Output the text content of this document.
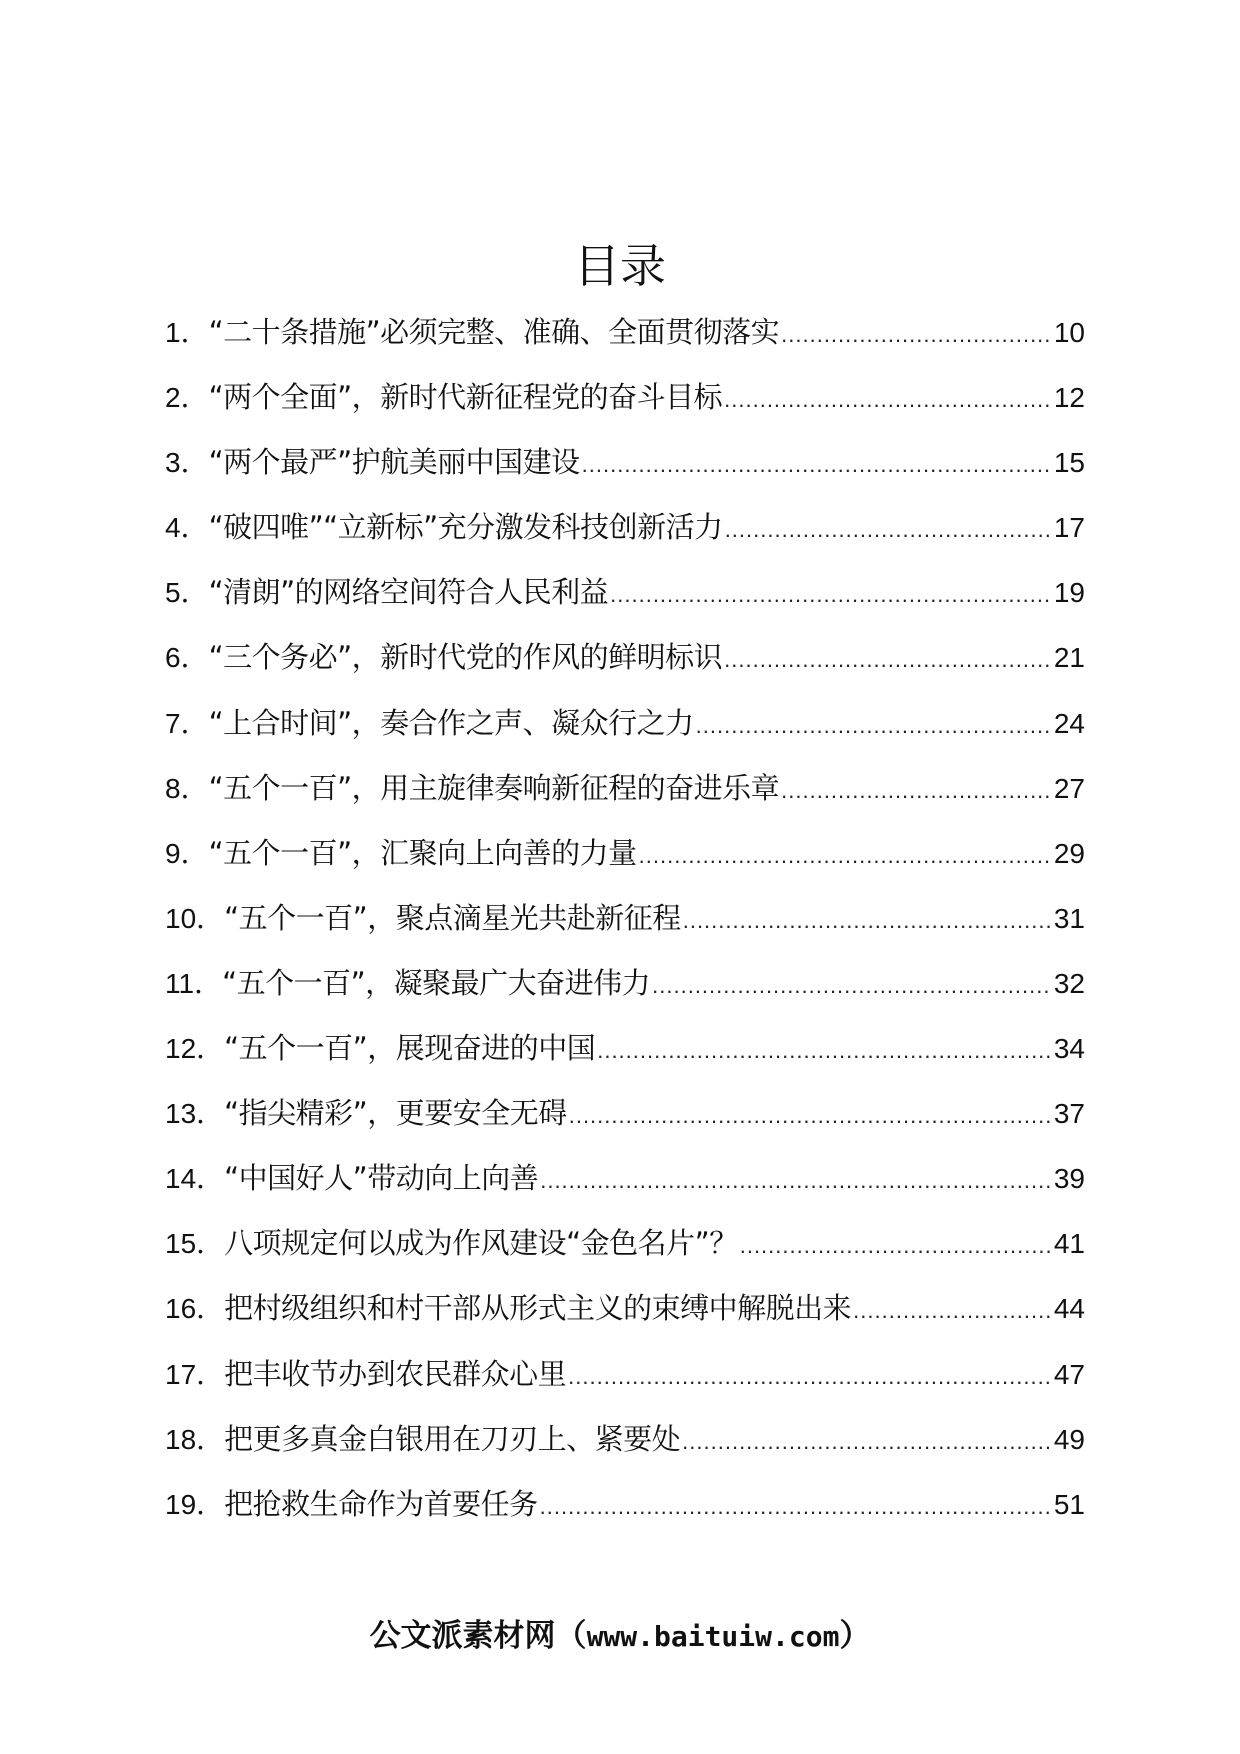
目录
1． “二十条措施”必须完整、准确、全面贯彻落实 .....	10
2． “两个全面”，新时代新征程党的奋斗目标 .....	12
3． “两个最严”护航美丽中国建设 .....	15
4． “破四唯”“立新标”充分激发科技创新活力 .....	17
5． “清朗”的网络空间符合人民利益 .....	19
6． “三个务必”，新时代党的作风的鲜明标识 .....	21
7． “上合时间”，奏合作之声、凝众行之力 .....	24
8． “五个一百”，用主旋律奏响新征程的奋进乐章 .....	27
9． “五个一百”，汇聚向上向善的力量 .....	29
10． “五个一百”，聚点滴星光共赴新征程 .....	31
11． “五个一百”，凝聚最广大奋进伟力 .....	32
12． “五个一百”，展现奋进的中国 .....	34
13． “指尖精彩”，更要安全无碍 .....	37
14． “中国好人”带动向上向善 .....	39
15． 八项规定何以成为作风建设“金色名片”？ .....	41
16． 把村级组织和村干部从形式主义的束缚中解脱出来 .....	44
17． 把丰收节办到农民群众心里 .....	47
18． 把更多真金白银用在刀刃上、紧要处 .....	49
19． 把抢救生命作为首要任务 .....	51
公文派素材网（www.baituiw.com）
